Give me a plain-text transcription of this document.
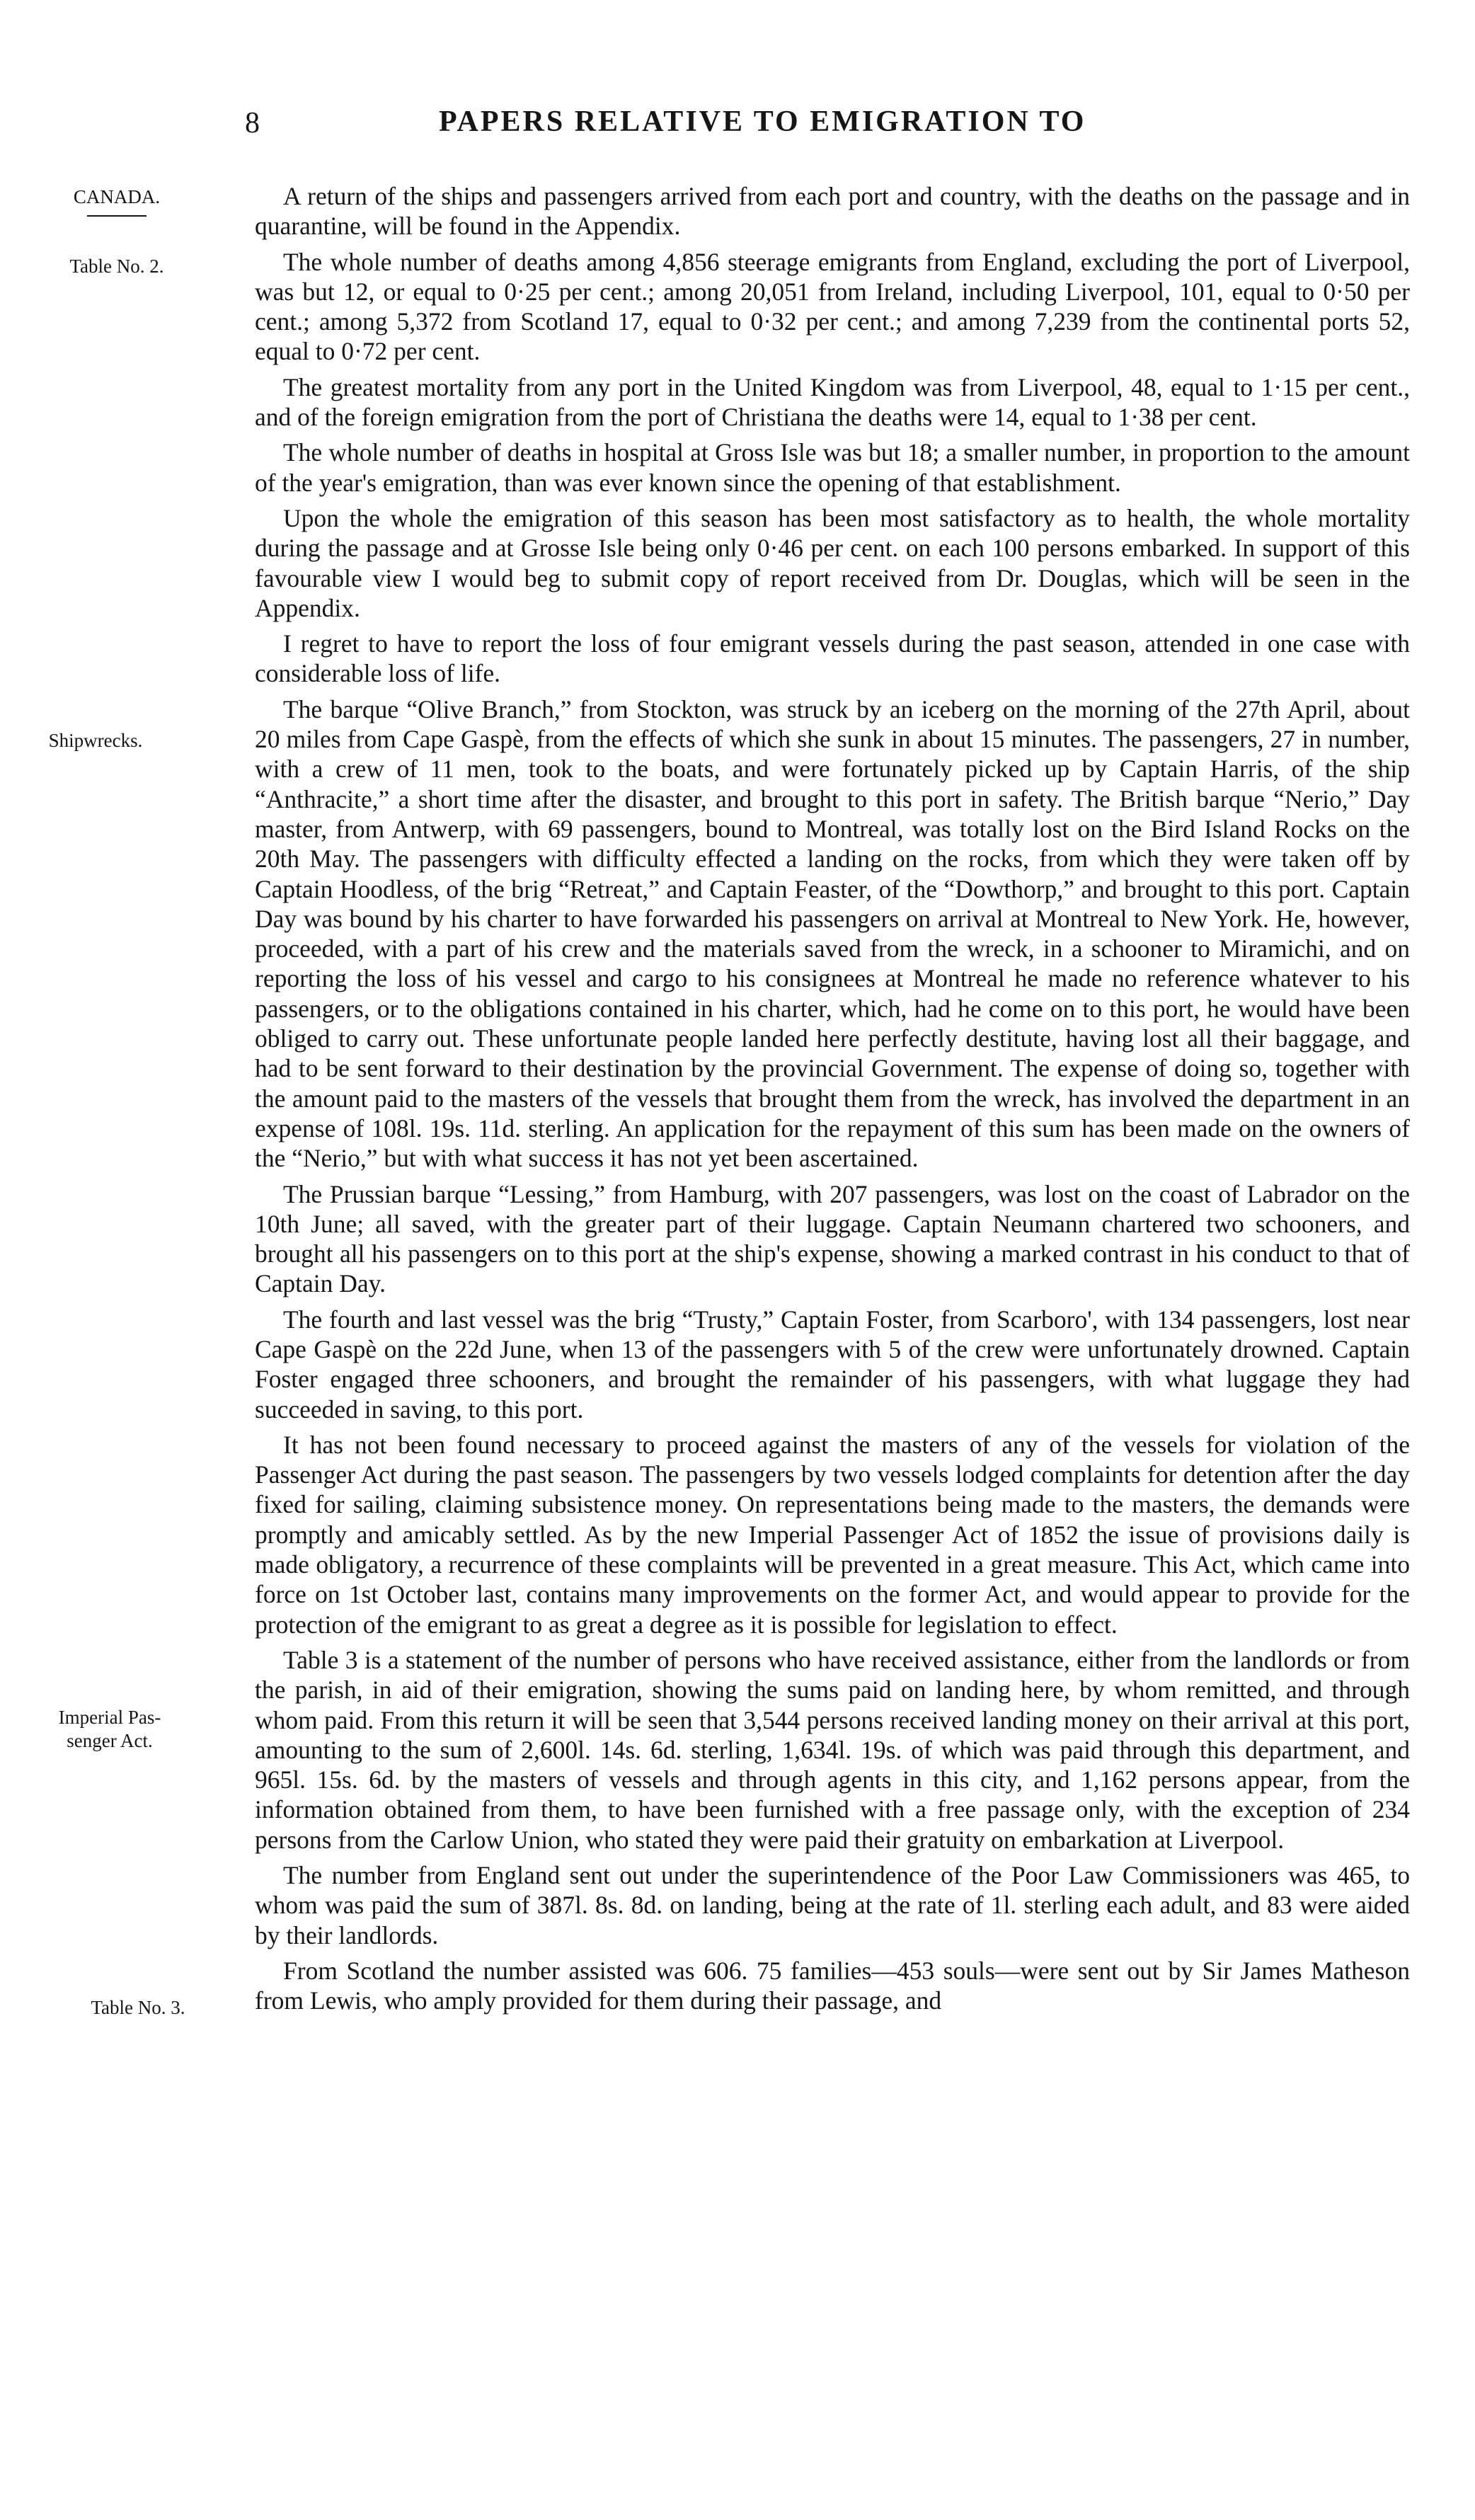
8	PAPERS RELATIVE TO EMIGRATION TO
CANADA.
Table No. 2.
Shipwrecks.
Imperial Pas-
senger Act.
Table No. 3.

A return of the ships and passengers arrived from each port and country, with the deaths on the passage and in quarantine, will be found in the Appendix.

The whole number of deaths among 4,856 steerage emigrants from England, excluding the port of Liverpool, was but 12, or equal to 0·25 per cent.; among 20,051 from Ireland, including Liverpool, 101, equal to 0·50 per cent.; among 5,372 from Scotland 17, equal to 0·32 per cent.; and among 7,239 from the continental ports 52, equal to 0·72 per cent.

The greatest mortality from any port in the United Kingdom was from Liverpool, 48, equal to 1·15 per cent., and of the foreign emigration from the port of Christiana the deaths were 14, equal to 1·38 per cent.

The whole number of deaths in hospital at Gross Isle was but 18; a smaller number, in proportion to the amount of the year's emigration, than was ever known since the opening of that establishment.

Upon the whole the emigration of this season has been most satisfactory as to health, the whole mortality during the passage and at Grosse Isle being only 0·46 per cent. on each 100 persons embarked. In support of this favourable view I would beg to submit copy of report received from Dr. Douglas, which will be seen in the Appendix.

I regret to have to report the loss of four emigrant vessels during the past season, attended in one case with considerable loss of life.

The barque “Olive Branch,” from Stockton, was struck by an iceberg on the morning of the 27th April, about 20 miles from Cape Gaspè, from the effects of which she sunk in about 15 minutes. The passengers, 27 in number, with a crew of 11 men, took to the boats, and were fortunately picked up by Captain Harris, of the ship “Anthracite,” a short time after the disaster, and brought to this port in safety. The British barque “Nerio,” Day master, from Antwerp, with 69 passengers, bound to Montreal, was totally lost on the Bird Island Rocks on the 20th May. The passengers with difficulty effected a landing on the rocks, from which they were taken off by Captain Hoodless, of the brig “Retreat,” and Captain Feaster, of the “Dowthorp,” and brought to this port. Captain Day was bound by his charter to have forwarded his passengers on arrival at Montreal to New York. He, however, proceeded, with a part of his crew and the materials saved from the wreck, in a schooner to Miramichi, and on reporting the loss of his vessel and cargo to his consignees at Montreal he made no reference whatever to his passengers, or to the obligations contained in his charter, which, had he come on to this port, he would have been obliged to carry out. These unfortunate people landed here perfectly destitute, having lost all their baggage, and had to be sent forward to their destination by the provincial Government. The expense of doing so, together with the amount paid to the masters of the vessels that brought them from the wreck, has involved the department in an expense of 108l. 19s. 11d. sterling. An application for the repayment of this sum has been made on the owners of the “Nerio,” but with what success it has not yet been ascertained.

The Prussian barque “Lessing,” from Hamburg, with 207 passengers, was lost on the coast of Labrador on the 10th June; all saved, with the greater part of their luggage. Captain Neumann chartered two schooners, and brought all his passengers on to this port at the ship's expense, showing a marked contrast in his conduct to that of Captain Day.

The fourth and last vessel was the brig “Trusty,” Captain Foster, from Scarboro', with 134 passengers, lost near Cape Gaspè on the 22d June, when 13 of the passengers with 5 of the crew were unfortunately drowned. Captain Foster engaged three schooners, and brought the remainder of his passengers, with what luggage they had succeeded in saving, to this port.

It has not been found necessary to proceed against the masters of any of the vessels for violation of the Passenger Act during the past season. The passengers by two vessels lodged complaints for detention after the day fixed for sailing, claiming subsistence money. On representations being made to the masters, the demands were promptly and amicably settled. As by the new Imperial Passenger Act of 1852 the issue of provisions daily is made obligatory, a recurrence of these complaints will be prevented in a great measure. This Act, which came into force on 1st October last, contains many improvements on the former Act, and would appear to provide for the protection of the emigrant to as great a degree as it is possible for legislation to effect.

Table 3 is a statement of the number of persons who have received assistance, either from the landlords or from the parish, in aid of their emigration, showing the sums paid on landing here, by whom remitted, and through whom paid. From this return it will be seen that 3,544 persons received landing money on their arrival at this port, amounting to the sum of 2,600l. 14s. 6d. sterling, 1,634l. 19s. of which was paid through this department, and 965l. 15s. 6d. by the masters of vessels and through agents in this city, and 1,162 persons appear, from the information obtained from them, to have been furnished with a free passage only, with the exception of 234 persons from the Carlow Union, who stated they were paid their gratuity on embarkation at Liverpool.

The number from England sent out under the superintendence of the Poor Law Commissioners was 465, to whom was paid the sum of 387l. 8s. 8d. on landing, being at the rate of 1l. sterling each adult, and 83 were aided by their landlords.

From Scotland the number assisted was 606. 75 families—453 souls—were sent out by Sir James Matheson from Lewis, who amply provided for them during their passage, and
